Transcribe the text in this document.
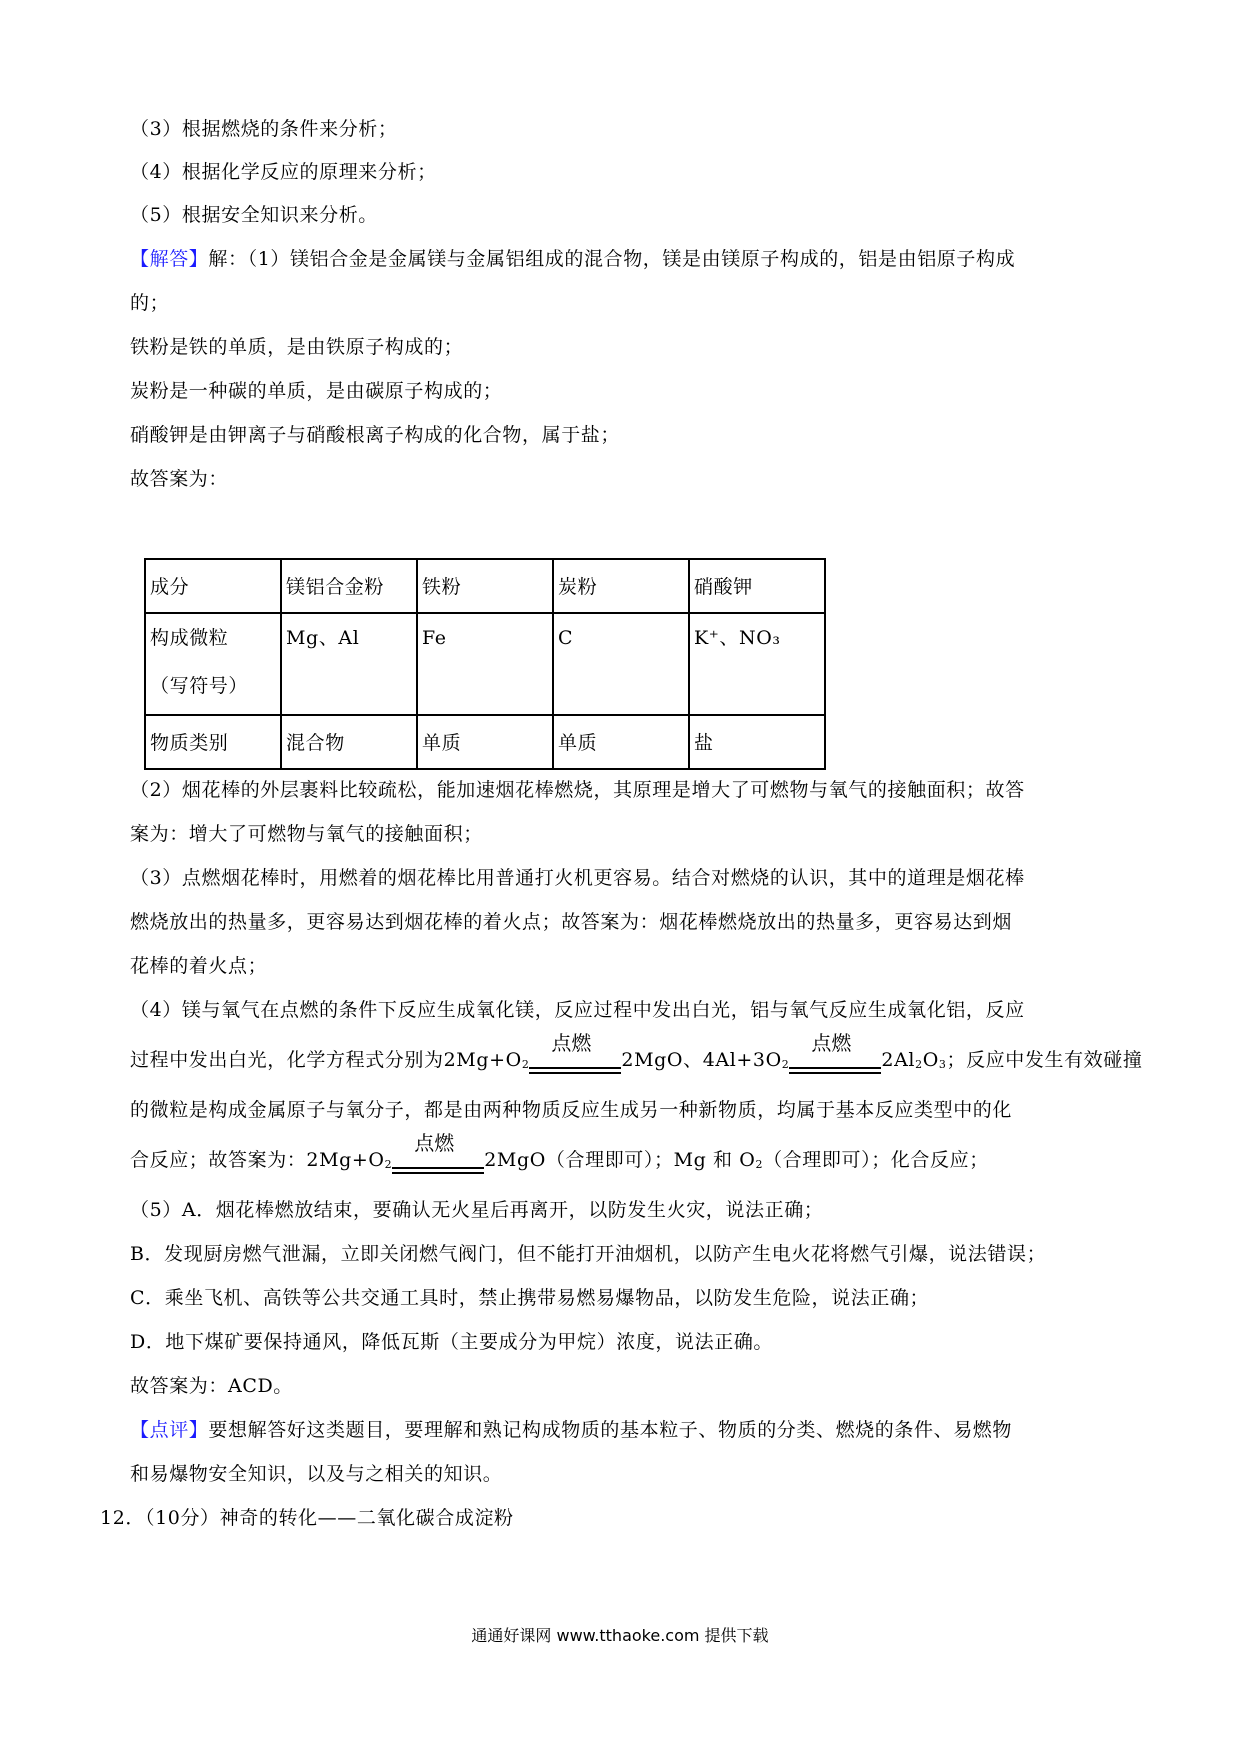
（3）根据燃烧的条件来分析；
（4）根据化学反应的原理来分析；
（5）根据安全知识来分析。
【解答】解：（1）镁铝合金是金属镁与金属铝组成的混合物，镁是由镁原子构成的，铝是由铝原子构成
的；
铁粉是铁的单质，是由铁原子构成的；
炭粉是一种碳的单质，是由碳原子构成的；
硝酸钾是由钾离子与硝酸根离子构成的化合物，属于盐；
故答案为：
成分	镁铝合金粉	铁粉	炭粉	硝酸钾

构成微粒
（写符号）	Mg、Al	Fe	C	K⁺、NO₃
物质类别	混合物	单质	单质	盐
（2）烟花棒的外层裹料比较疏松，能加速烟花棒燃烧，其原理是增大了可燃物与氧气的接触面积；故答
案为：增大了可燃物与氧气的接触面积；
（3）点燃烟花棒时，用燃着的烟花棒比用普通打火机更容易。结合对燃烧的认识，其中的道理是烟花棒
燃烧放出的热量多，更容易达到烟花棒的着火点；故答案为：烟花棒燃烧放出的热量多，更容易达到烟
花棒的着火点；
（4）镁与氧气在点燃的条件下反应生成氧化镁，反应过程中发出白光，铝与氧气反应生成氧化铝，反应
过程中发出白光，化学方程式分别为$2Mg+O_2$
点燃
2MgO、$4Al+3O_2$
点燃
$2Al_2O_3$；反应中发生有效碰撞
的微粒是构成金属原子与氧分子，都是由两种物质反应生成另一种新物质，均属于基本反应类型中的化
合反应；故答案为：$2Mg+O_2$
点燃
2MgO（合理即可）；Mg 和 $O_2$（合理即可）；化合反应；
（5）A．烟花棒燃放结束，要确认无火星后再离开，以防发生火灾，说法正确；
B．发现厨房燃气泄漏，立即关闭燃气阀门，但不能打开油烟机，以防产生电火花将燃气引爆，说法错误；
C．乘坐飞机、高铁等公共交通工具时，禁止携带易燃易爆物品，以防发生危险，说法正确；
D．地下煤矿要保持通风，降低瓦斯（主要成分为甲烷）浓度，说法正确。
故答案为：ACD。
【点评】要想解答好这类题目，要理解和熟记构成物质的基本粒子、物质的分类、燃烧的条件、易燃物
和易爆物安全知识，以及与之相关的知识。
12．（10分）神奇的转化——二氧化碳合成淀粉
通通好课网 www.tthaoke.com 提供下载
